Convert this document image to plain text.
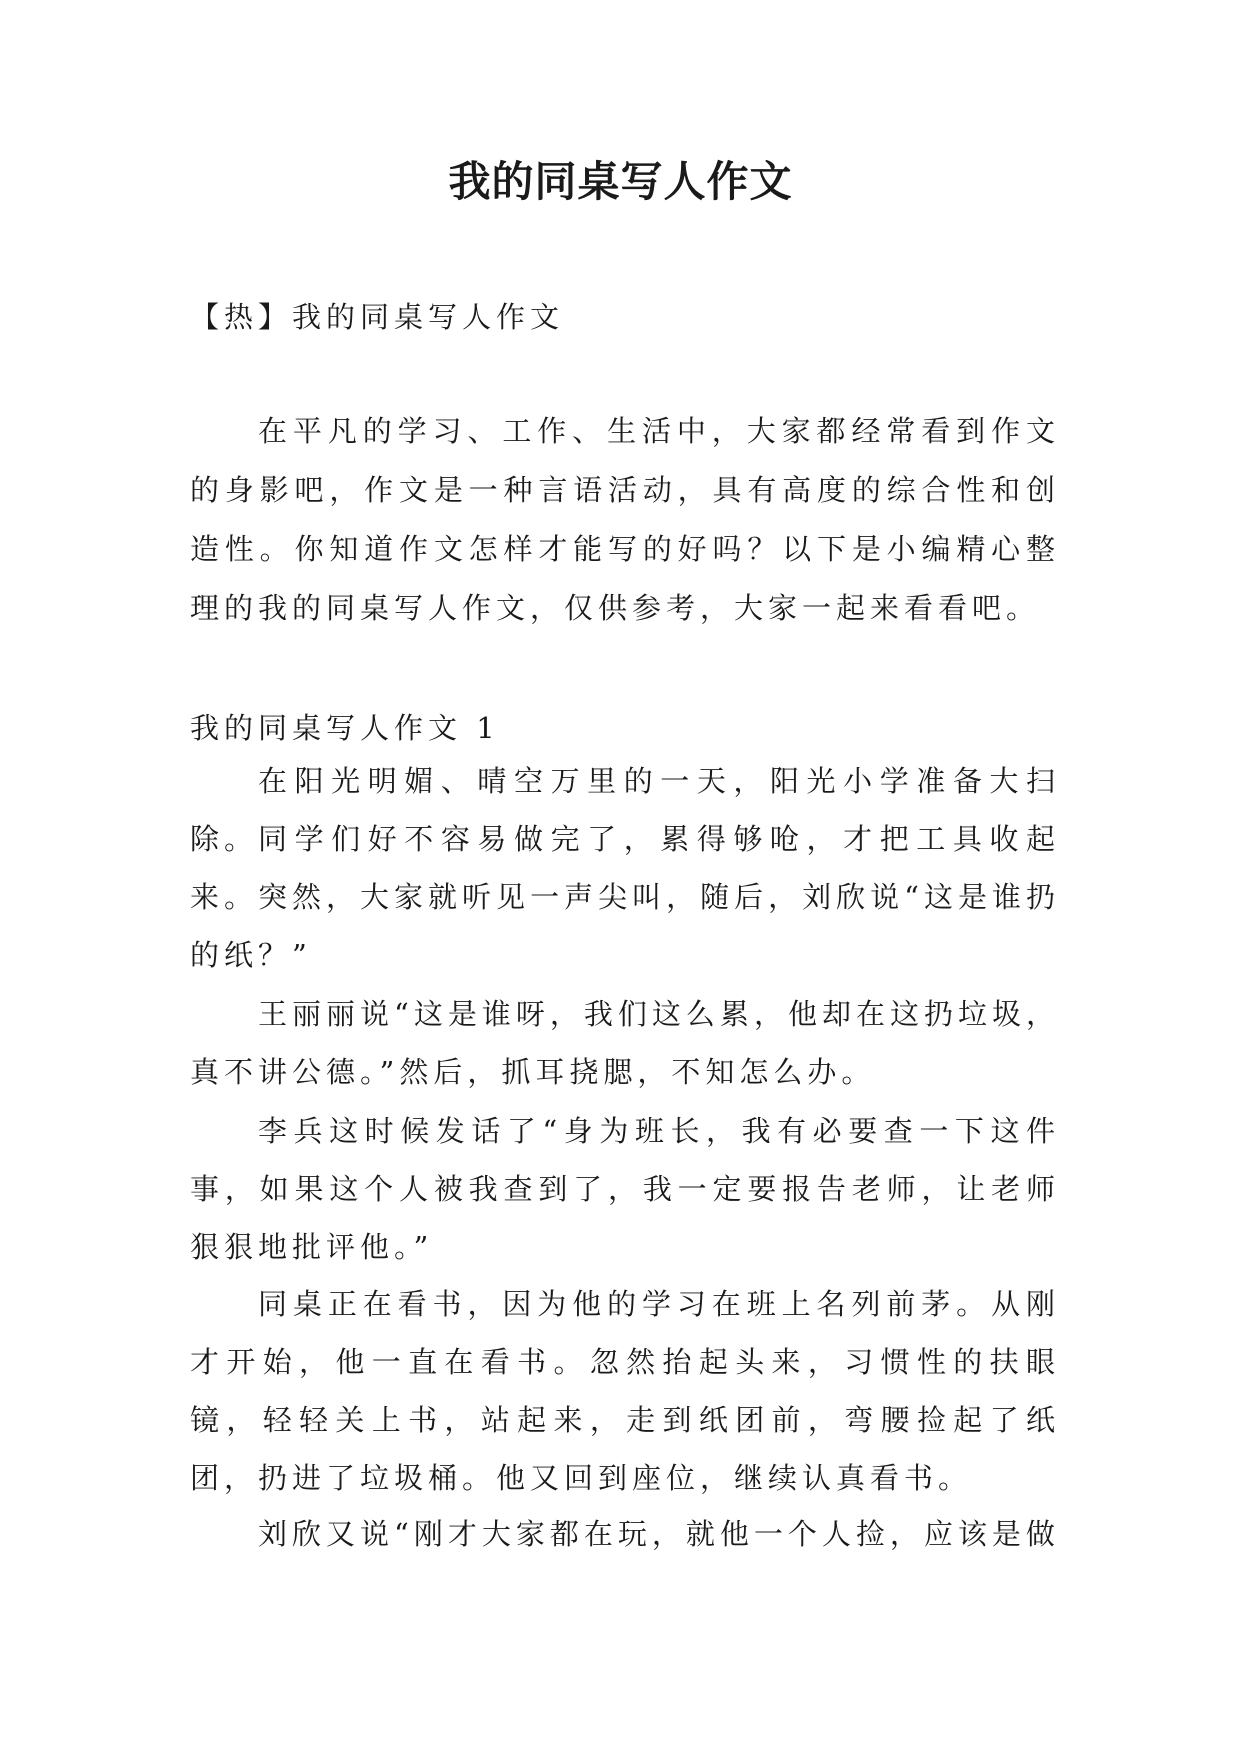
我的同桌写人作文

【热】我的同桌写人作文

在平凡的学习、工作、生活中，大家都经常看到作文的身影吧，作文是一种言语活动，具有高度的综合性和创造性。你知道作文怎样才能写的好吗？以下是小编精心整理的我的同桌写人作文，仅供参考，大家一起来看看吧。

我的同桌写人作文 1

在阳光明媚、晴空万里的一天，阳光小学准备大扫除。 同学们好不容易做完了，累得够呛，才把工具收起来。突然，大家就听见一声尖叫，随后，刘欣说“这是谁扔的纸？”

王丽丽说“这是谁呀，我们这么累，他却在这扔垃圾，真不讲公德。”然后，抓耳挠腮，不知怎么办。

李兵这时候发话了“身为班长，我有必要查一下这件事，如果这个人被我查到了，我一定要报告老师，让老师狠狠地批评他。”

同桌正在看书，因为他的学习在班上名列前茅。从刚才开始，他一直在看书。忽然抬起头来，习惯性的扶眼镜，轻轻关上书，站起来，走到纸团前，弯腰捡起了纸团，扔进了垃圾桶。他又回到座位，继续认真看书。

刘欣又说“刚才大家都在玩，就他一个人捡，应该是做
